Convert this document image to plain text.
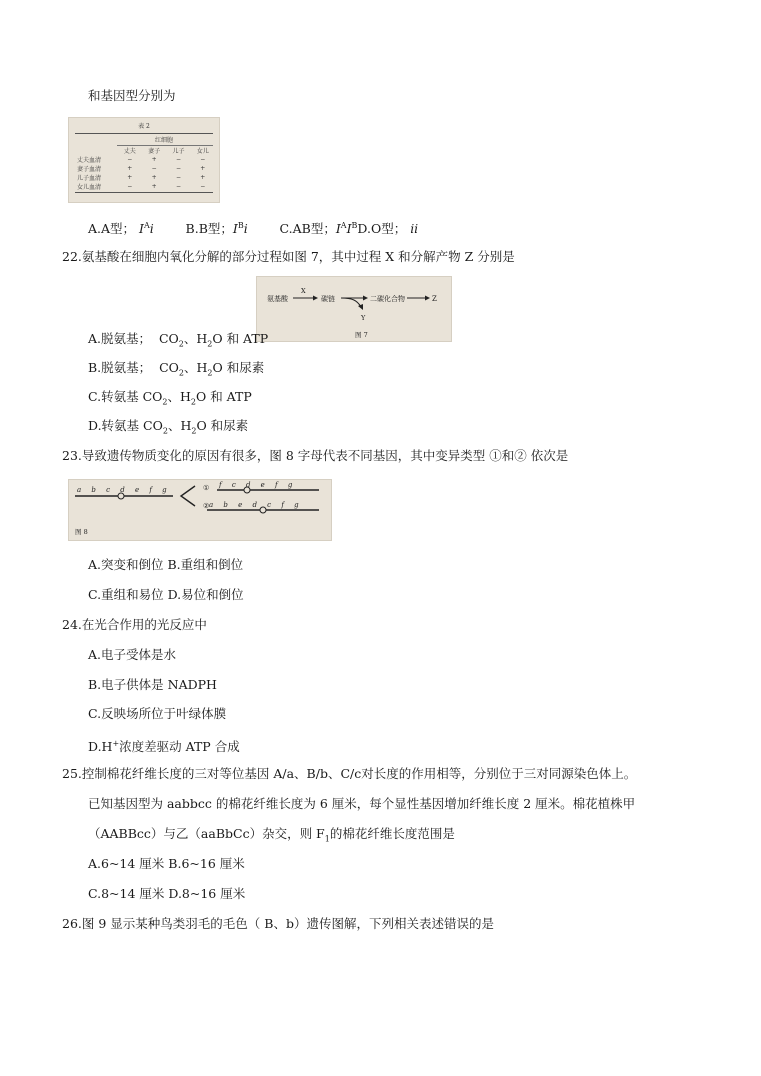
和基因型分别为
表 2
红细胞
	丈夫	妻子	儿子	女儿
丈夫血清	−	+	−	−
妻子血清	+	−	−	+
儿子血清	+	+	−	+
女儿血清	−	+	−	−
A.A型； $I^Ai$        B.B型；$I^Bi$        C.AB型；$I^AI^BD.O$型； ii
22.氨基酸在细胞内氧化分解的部分过程如图 7，其中过程 X 和分解产物 Z 分别是
氨基酸
X
碳链
Y
二碳化合物	Z
图 7
A.脱氨基；  $CO_2$、$H_2O$ 和 ATP
B.脱氨基；  $CO_2$、$H_2O$ 和尿素
C.转氨基 $CO_2$、$H_2O$ 和 ATP
D.转氨基 $CO_2$、$H_2O$ 和尿素
23.导致遗传物质变化的原因有很多，图 8 字母代表不同基因，其中变异类型 ①和② 依次是
a b c d e f g	①
②
f c d e f g
a b e d c f g
图 8
A.突变和倒位 B.重组和倒位
C.重组和易位 D.易位和倒位
24.在光合作用的光反应中
A.电子受体是水
B.电子供体是 NADPH
C.反映场所位于叶绿体膜
D.H+浓度差驱动 ATP 合成
25.控制棉花纤维长度的三对等位基因 A/a、B/b、C/c对长度的作用相等，分别位于三对同源染色体上。
已知基因型为 aabbcc 的棉花纤维长度为 6 厘米，每个显性基因增加纤维长度 2 厘米。棉花植株甲
（AABBcc）与乙（aaBbCc）杂交，则 $F_1$的棉花纤维长度范围是
A.6~14 厘米 B.6~16 厘米
C.8~14 厘米 D.8~16 厘米
26.图 9 显示某种鸟类羽毛的毛色（ B、b）遗传图解，下列相关表述错误的是
